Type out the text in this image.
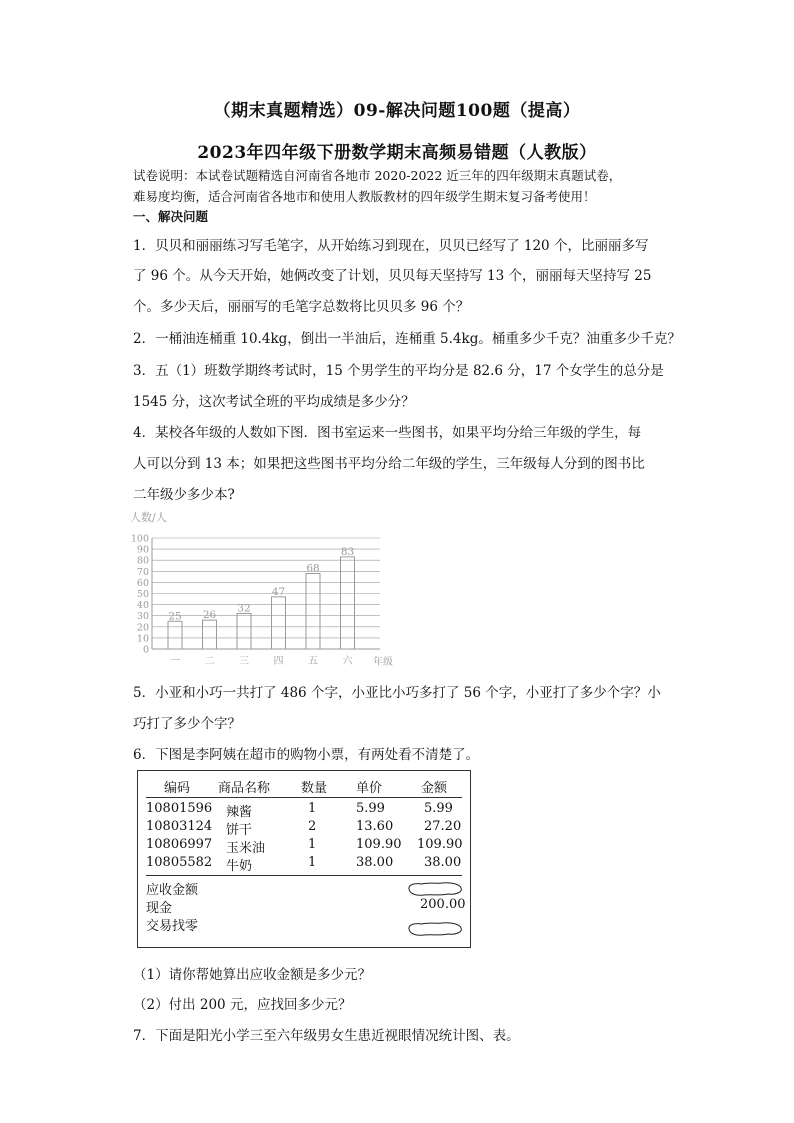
（期末真题精选）09-解决问题100题（提高）
2023年四年级下册数学期末高频易错题（人教版）
试卷说明：本试卷试题精选自河南省各地市 2020-2022 近三年的四年级期末真题试卷，
难易度均衡，适合河南省各地市和使用人教版教材的四年级学生期末复习备考使用！
一、解决问题
1．贝贝和丽丽练习写毛笔字，从开始练习到现在，贝贝已经写了 120 个，比丽丽多写
了 96 个。从今天开始，她俩改变了计划，贝贝每天坚持写 13 个，丽丽每天坚持写 25
个。多少天后，丽丽写的毛笔字总数将比贝贝多 96 个？
2．一桶油连桶重 10.4kg，倒出一半油后，连桶重 5.4kg。桶重多少千克？油重多少千克？
3．五（1）班数学期终考试时，15 个男学生的平均分是 82.6 分，17 个女学生的总分是
1545 分，这次考试全班的平均成绩是多少分？
4．某校各年级的人数如下图．图书室运来一些图书，如果平均分给三年级的学生，每
人可以分到 13 本；如果把这些图书平均分给二年级的学生，三年级每人分到的图书比
二年级少多少本?
0
10
20
30
40
50
60
70
80
90
100
25 26
32
47
68
83
一 二 三 四 五 六
人数/人
年级
5．小亚和小巧一共打了 486 个字，小亚比小巧多打了 56 个字，小亚打了多少个字？小
巧打了多少个字？
6．下图是李阿姨在超市的购物小票，有两处看不清楚了。
编码 商品名称 数量 单价	金额
10801596 辣酱	1	5.99	5.99
10803124 饼干	2	13.60 27.20
10806997 玉米油	1	109.90 109.90
10805582 牛奶	1	38.00 38.00
应收金额
现金	200.00
交易找零
（1）请你帮她算出应收金额是多少元？
（2）付出 200 元，应找回多少元？
7．下面是阳光小学三至六年级男女生患近视眼情况统计图、表。
